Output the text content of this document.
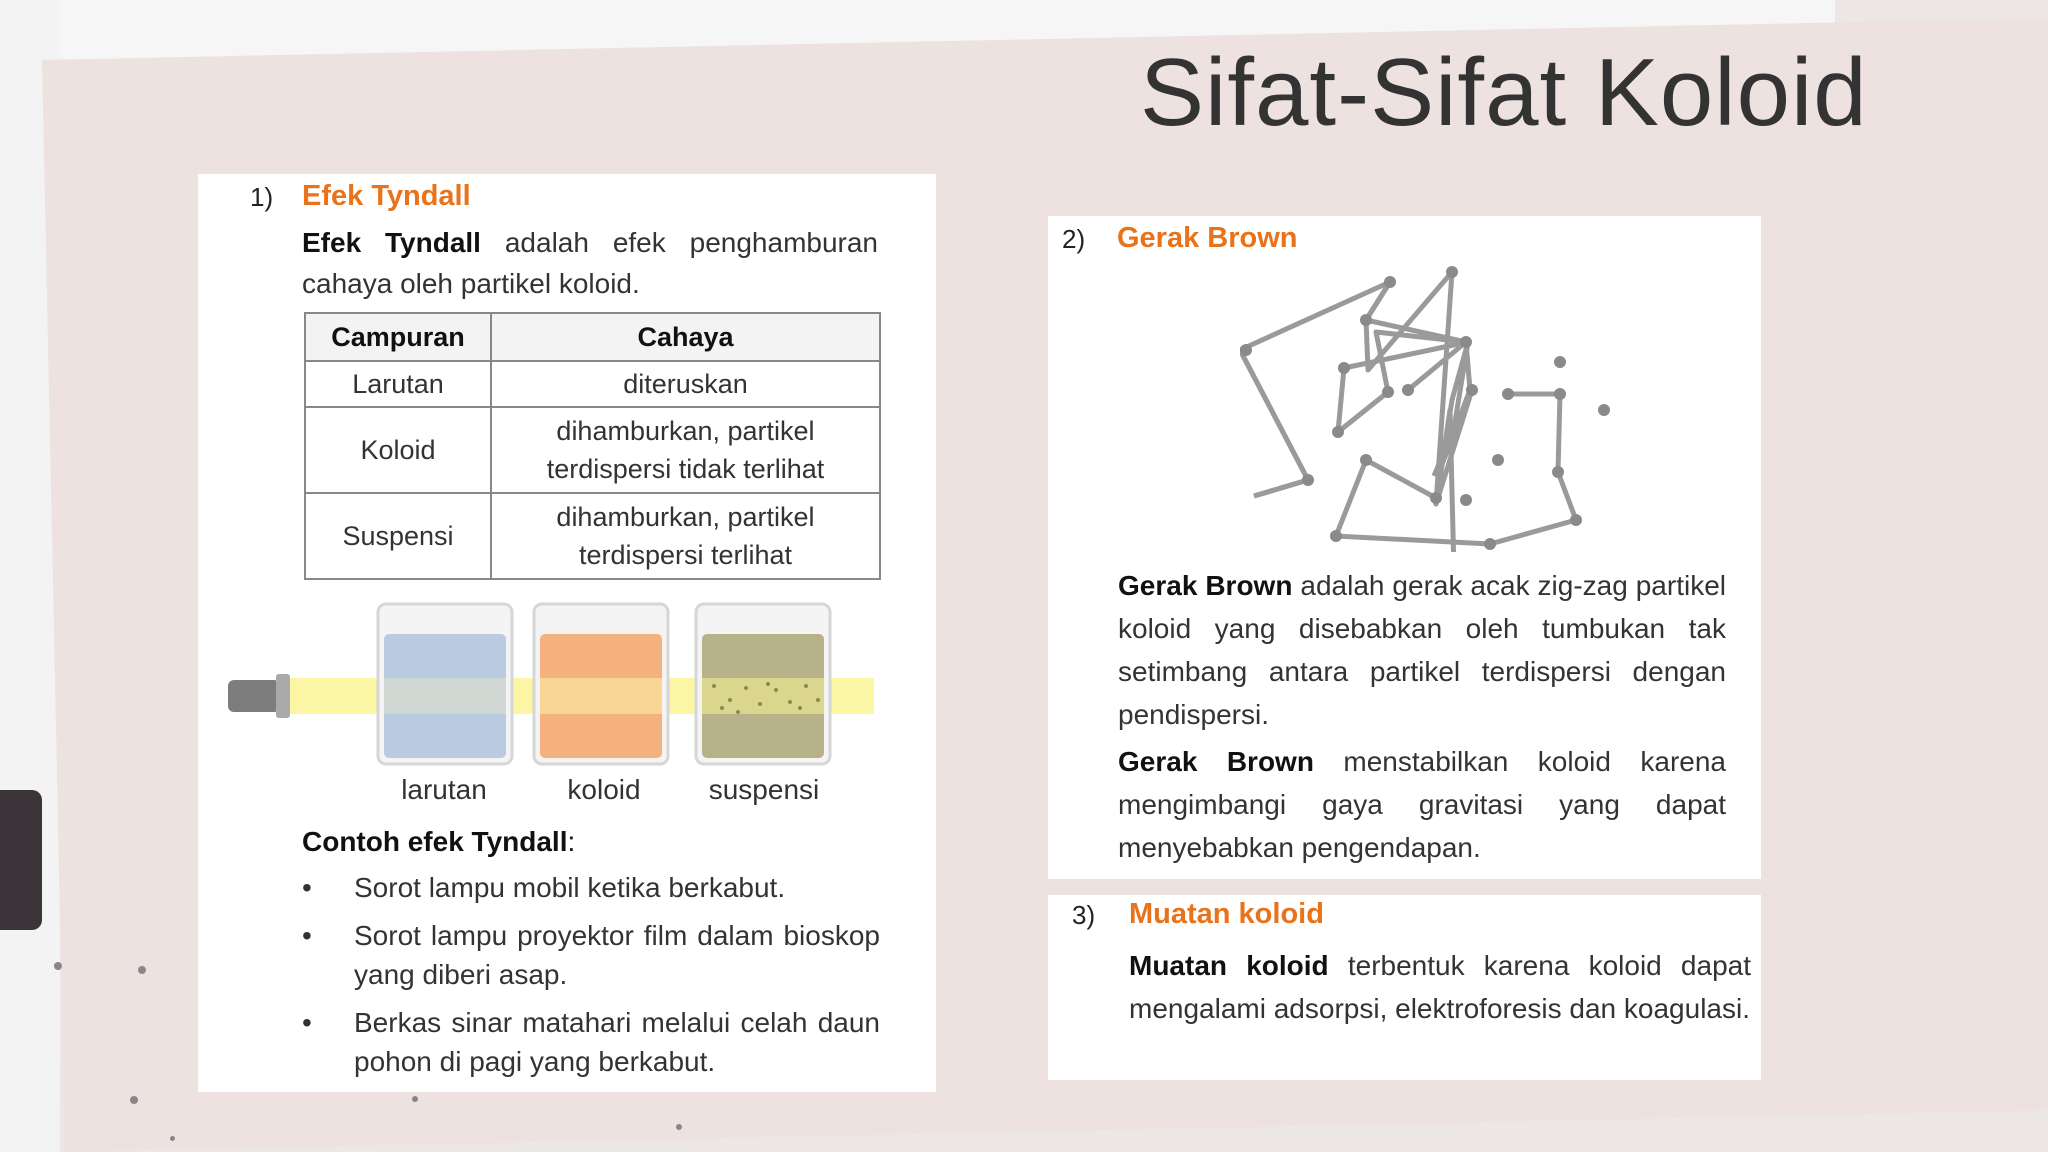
Sifat-Sifat Koloid
1) Efek Tyndall
Efek Tyndall adalah efek penghamburan cahaya oleh partikel koloid.
Campuran	Cahaya
Larutan	diteruskan
Koloid	dihamburkan, partikel
terdispersi tidak terlihat
Suspensi	dihamburkan, partikel
terdispersi terlihat
larutan	koloid	suspensi
Contoh efek Tyndall:
• Sorot lampu mobil ketika berkabut.
• Sorot lampu proyektor film dalam bioskop yang diberi asap.
• Berkas sinar matahari melalui celah daun pohon di pagi yang berkabut.
2) Gerak Brown
Gerak Brown adalah gerak acak zig-zag partikel koloid yang disebabkan oleh tumbukan tak setimbang antara partikel terdispersi dengan pendispersi.
Gerak Brown menstabilkan koloid karena mengimbangi gaya gravitasi yang dapat menyebabkan pengendapan.
3) Muatan koloid
Muatan koloid terbentuk karena koloid dapat mengalami adsorpsi, elektroforesis dan koagulasi.
